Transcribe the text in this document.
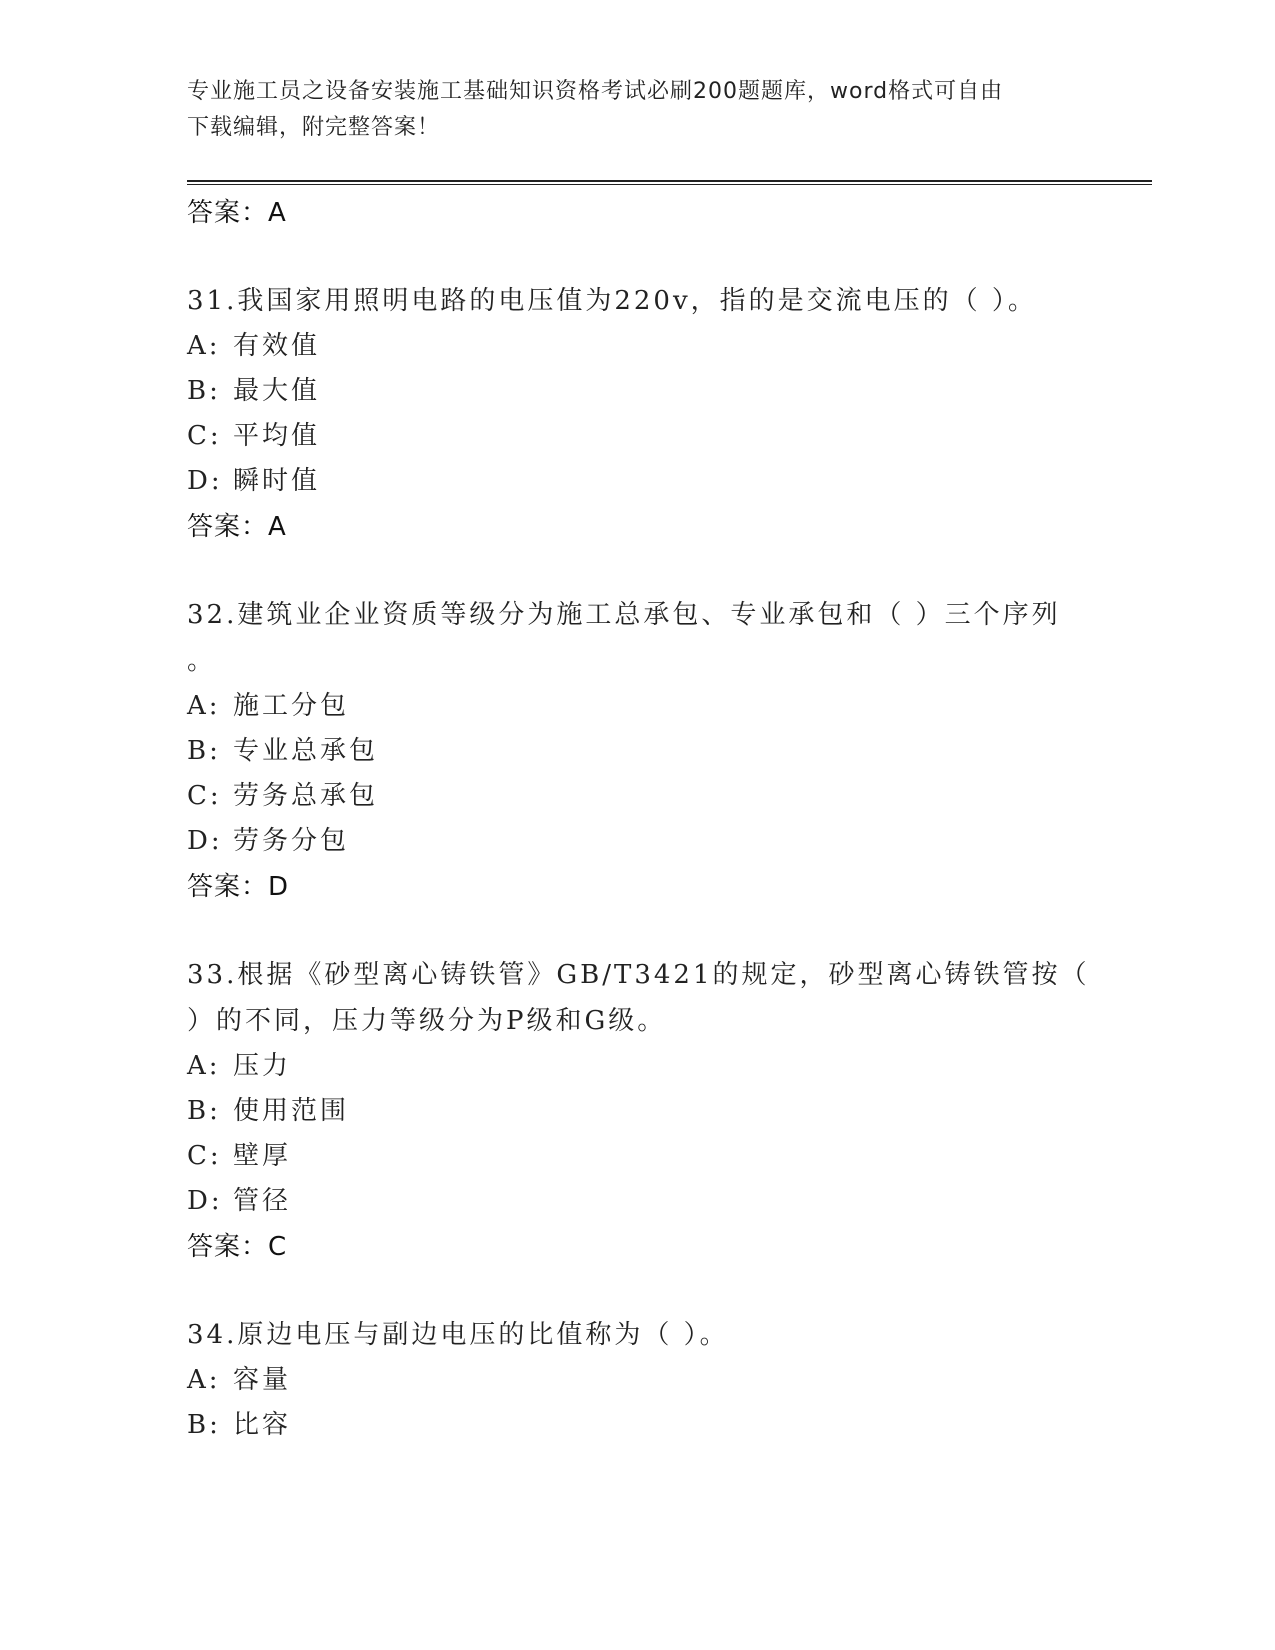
专业施工员之设备安装施工基础知识资格考试必刷200题题库，word格式可自由
下载编辑，附完整答案！

答案：A

31.我国家用照明电路的电压值为220v，指的是交流电压的（ ）。

A: 有效值

B: 最大值

C: 平均值

D: 瞬时值

答案：A

32.建筑业企业资质等级分为施工总承包、专业承包和（ ）三个序列

。

A: 施工分包

B: 专业总承包

C: 劳务总承包

D: 劳务分包

答案：D

33.根据《砂型离心铸铁管》GB/T3421的规定，砂型离心铸铁管按（

）的不同，压力等级分为P级和G级。

A: 压力

B: 使用范围

C: 壁厚

D: 管径

答案：C

34.原边电压与副边电压的比值称为（ ）。

A: 容量

B: 比容
